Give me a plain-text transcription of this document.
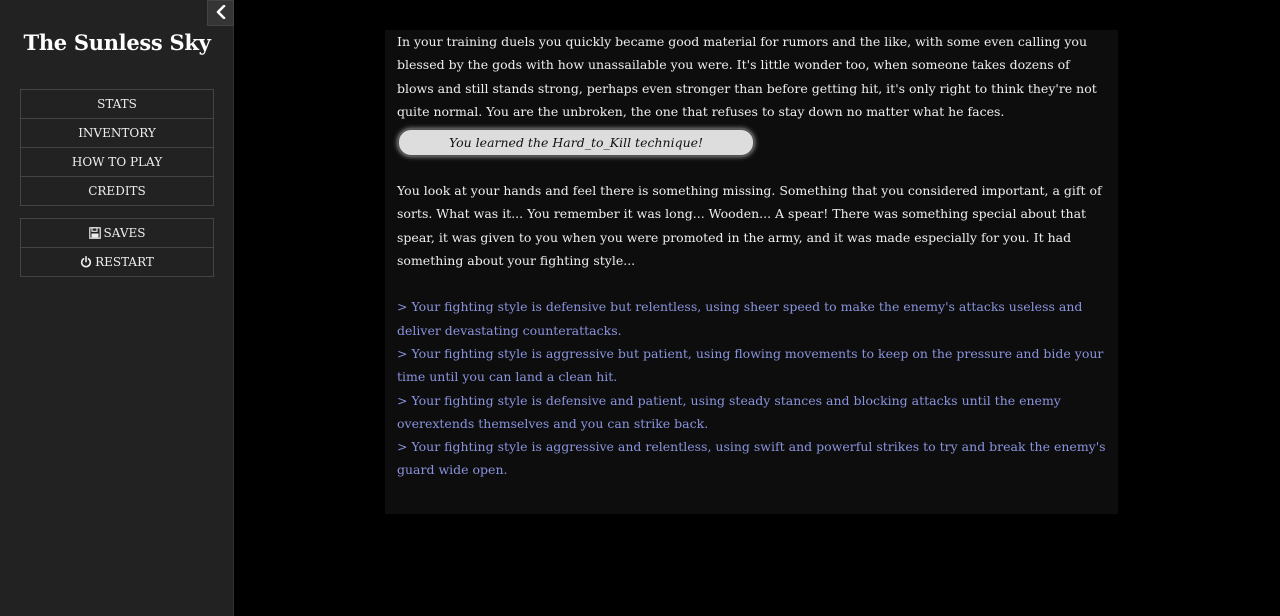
The Sunless Sky
STATS
INVENTORY
HOW TO PLAY
CREDITS
SAVES
RESTART

In your training duels you quickly became good material for rumors and the like, with some even calling you blessed by the gods with how unassailable you were. It's little wonder too, when someone takes dozens of blows and still stands strong, perhaps even stronger than before getting hit, it's only right to think they're not quite normal. You are the unbroken, the one that refuses to stay down no matter what he faces.

You learned the Hard_to_Kill technique!

You look at your hands and feel there is something missing. Something that you considered important, a gift of sorts. What was it... You remember it was long... Wooden... A spear! There was something special about that spear, it was given to you when you were promoted in the army, and it was made especially for you. It had something about your fighting style...

> Your fighting style is defensive but relentless, using sheer speed to make the enemy's attacks useless and deliver devastating counterattacks.
> Your fighting style is aggressive but patient, using flowing movements to keep on the pressure and bide your time until you can land a clean hit.
> Your fighting style is defensive and patient, using steady stances and blocking attacks until the enemy overextends themselves and you can strike back.
> Your fighting style is aggressive and relentless, using swift and powerful strikes to try and break the enemy's guard wide open.
